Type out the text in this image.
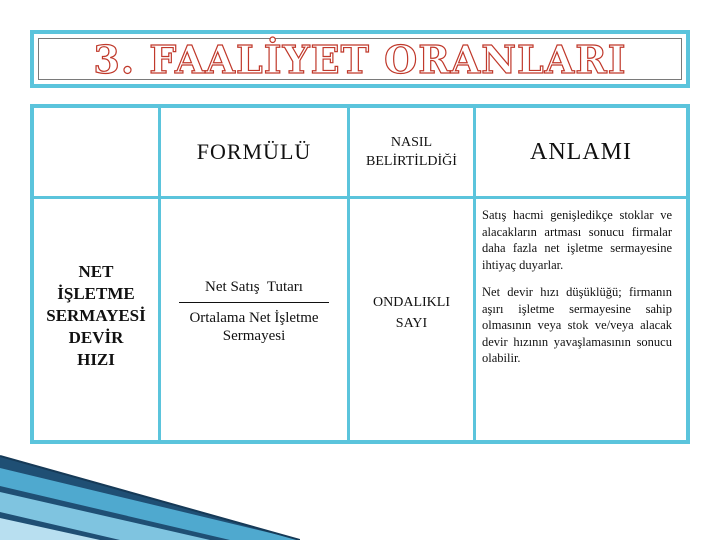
3. FAALİYET ORANLARI
FORMÜLÜ	NASIL
BELİRTİLDİĞİ	ANLAMI
NET
İŞLETME
SERMAYESİ
DEVİR
HIZI
Net Satış  Tutarı
Ortalama Net İşletme
Sermayesi
ONDALIKLI
SAYI

Satış hacmi genişledikçe stoklar ve alacakların artması sonucu firmalar daha fazla net işletme sermayesine ihtiyaç duyarlar.

Net devir hızı düşüklüğü; firmanın aşırı işletme sermayesine sahip olmasının veya stok ve/veya alacak devir hızının yavaşlamasının sonucu olabilir.
